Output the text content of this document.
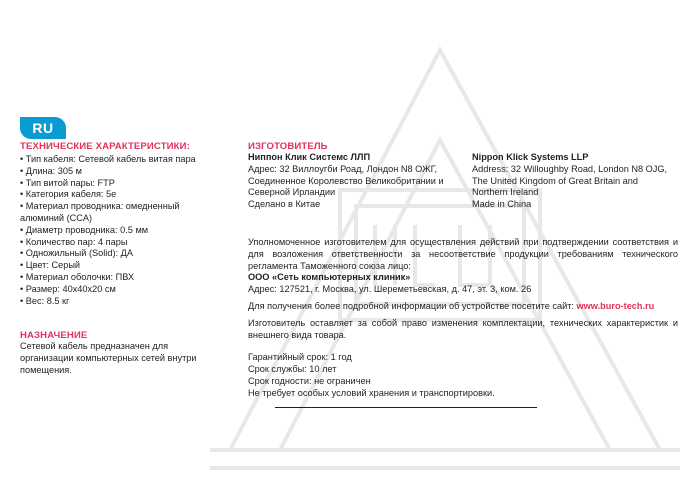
RU

ТЕХНИЧЕСКИЕ ХАРАКТЕРИСТИКИ:

• Тип кабеля: Сетевой кабель витая пара
• Длина: 305 м
• Тип витой пары: FTP
• Категория кабеля: 5e
• Материал проводника: омедненный алюминий (CCA)
• Диаметр проводника: 0.5 мм
• Количество пар: 4 пары
• Одножильный (Solid): ДА
• Цвет: Серый
• Материал оболочки: ПВХ
• Размер: 40х40х20 см
• Вес: 8.5 кг

НАЗНАЧЕНИЕ

Сетевой кабель предназначен для организации компьютерных сетей внутри помещения.

ИЗГОТОВИТЕЛЬ

Ниппон Клик Системс ЛЛП

Адрес: 32 Виллоугби Роад, Лондон N8 ОЖГ, Соединенное Королевство Великобритании и Северной Ирландии

Сделано в Китае

Nippon Klick Systems LLP

Address: 32 Willoughby Road, London N8 OJG, The United Kingdom of Great Britain and Northern Ireland

Made in China

Уполномоченное изготовителем для осуществления действий при подтверждении соответствия и для возложения ответственности за несоответствие продукции требованиям технического регламента Таможенного союза лицо:

ООО «Сеть компьютерных клиник»

Адрес: 127521, г. Москва, ул. Шереметьевская, д. 47, эт. 3, ком. 26

Для получения более подробной информации об устройстве посетите сайт: www.buro-tech.ru

Изготовитель оставляет за собой право изменения комплектации, технических характеристик и внешнего вида товара.

Гарантийный срок: 1 год

Срок службы: 10 лет

Срок годности: не ограничен

Не требует особых условий хранения и транспортировки.
